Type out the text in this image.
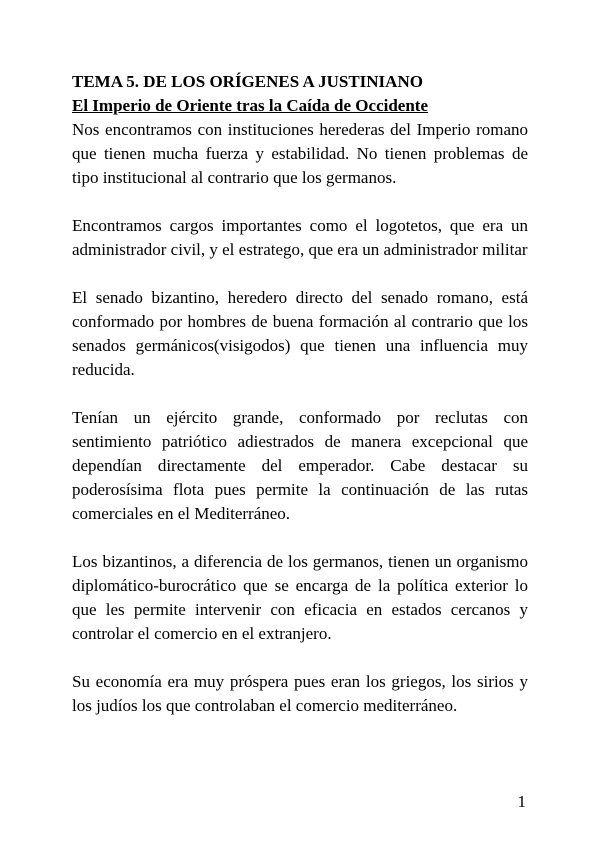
TEMA 5. DE LOS ORÍGENES A JUSTINIANO
El Imperio de Oriente tras la Caída de Occidente

Nos encontramos con instituciones herederas del Imperio romano que tienen mucha fuerza y estabilidad. No tienen problemas de tipo institucional al contrario que los germanos.

Encontramos cargos importantes como el logotetos, que era un administrador civil, y el estratego, que era un administrador militar

El senado bizantino, heredero directo del senado romano, está conformado por hombres de buena formación al contrario que los senados germánicos(visigodos) que tienen una influencia muy reducida.

Tenían un ejército grande, conformado por reclutas con sentimiento patriótico adiestrados de manera excepcional que dependían directamente del emperador. Cabe destacar su poderosísima flota pues permite la continuación de las rutas comerciales en el Mediterráneo.

Los bizantinos, a diferencia de los germanos, tienen un organismo diplomático-burocrático que se encarga de la política exterior lo que les permite intervenir con eficacia en estados cercanos y controlar el comercio en el extranjero.

Su economía era muy próspera pues eran los griegos, los sirios y los judíos los que controlaban el comercio mediterráneo.

1
